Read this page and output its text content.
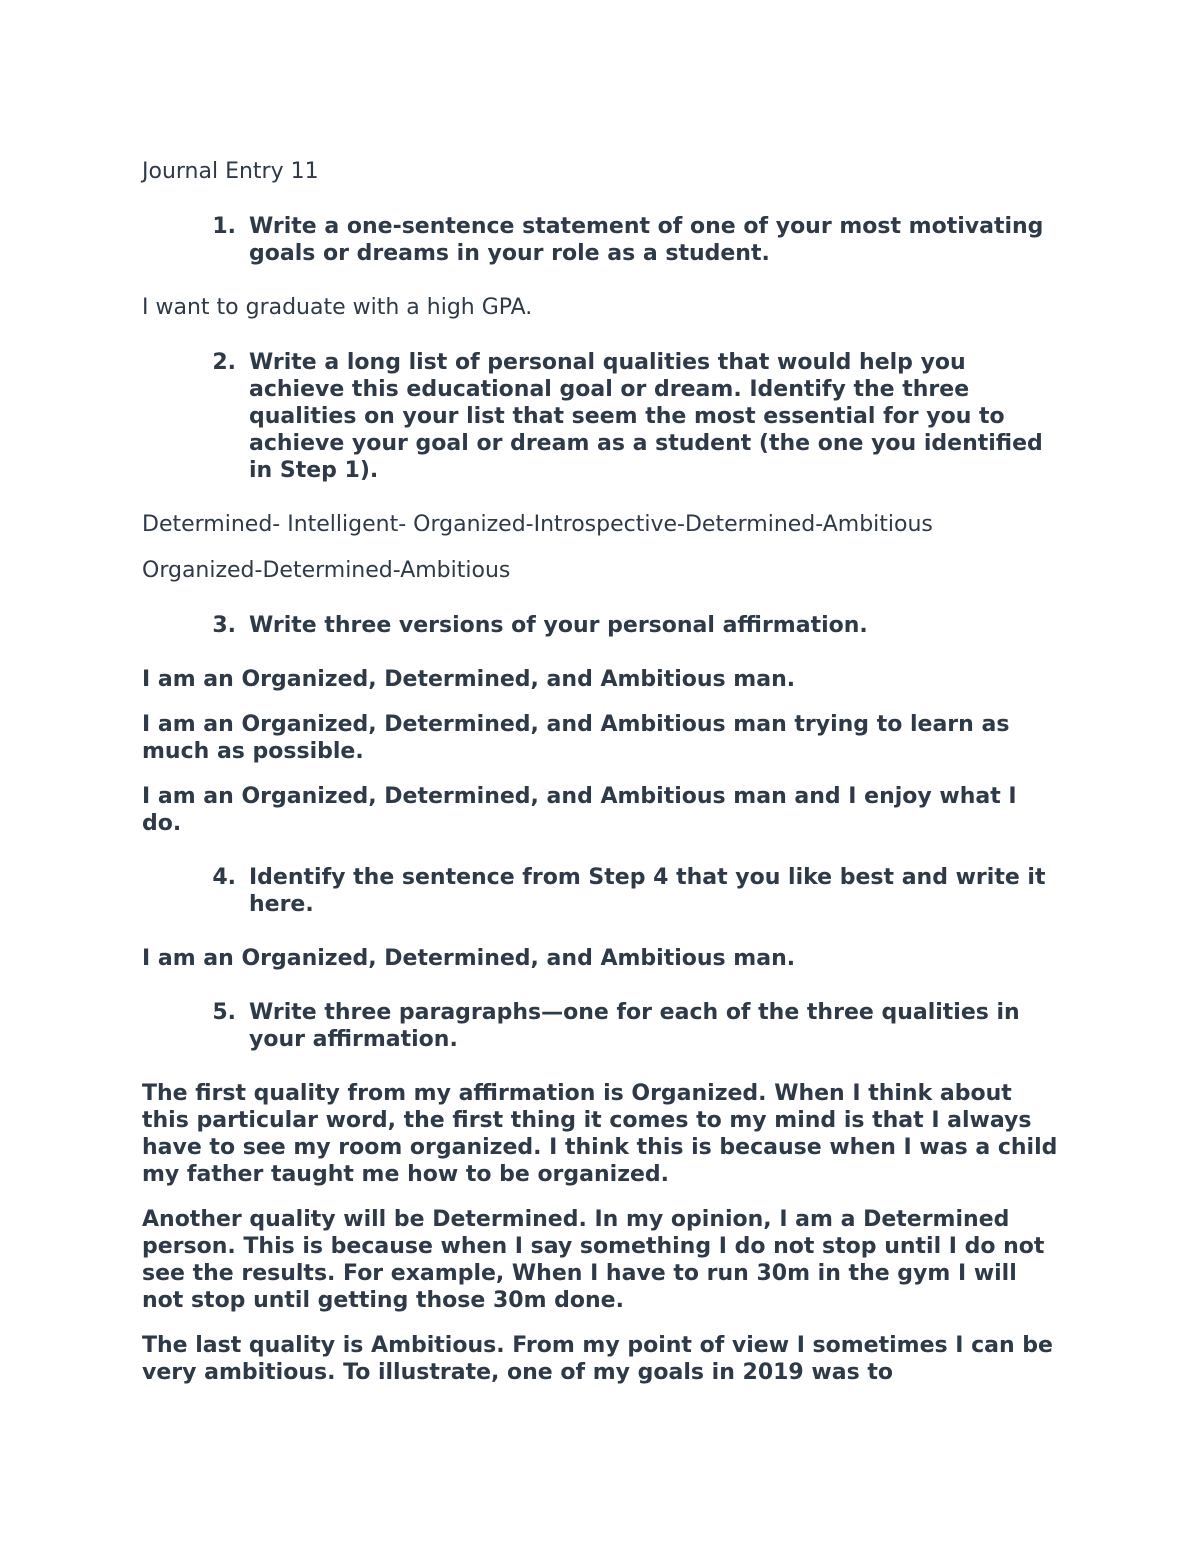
Journal Entry 11
1. Write a one-sentence statement of one of your most motivating goals or dreams in your role as a student.
I want to graduate with a high GPA.
2. Write a long list of personal qualities that would help you achieve this educational goal or dream. Identify the three qualities on your list that seem the most essential for you to achieve your goal or dream as a student (the one you identified in Step 1).
Determined- Intelligent- Organized-Introspective-Determined-Ambitious
Organized-Determined-Ambitious
3. Write three versions of your personal affirmation.
I am an Organized, Determined, and Ambitious man.
I am an Organized, Determined, and Ambitious man trying to learn as much as possible.
I am an Organized, Determined, and Ambitious man and I enjoy what I do.
4. Identify the sentence from Step 4 that you like best and write it here.
I am an Organized, Determined, and Ambitious man.
5. Write three paragraphs—one for each of the three qualities in your affirmation.
The first quality from my affirmation is Organized. When I think about this particular word, the first thing it comes to my mind is that I always have to see my room organized. I think this is because when I was a child my father taught me how to be organized.
Another quality will be Determined. In my opinion, I am a Determined person. This is because when I say something I do not stop until I do not see the results. For example, When I have to run 30m in the gym I will not stop until getting those 30m done.
The last quality is Ambitious. From my point of view I sometimes I can be very ambitious. To illustrate, one of my goals in 2019 was to
